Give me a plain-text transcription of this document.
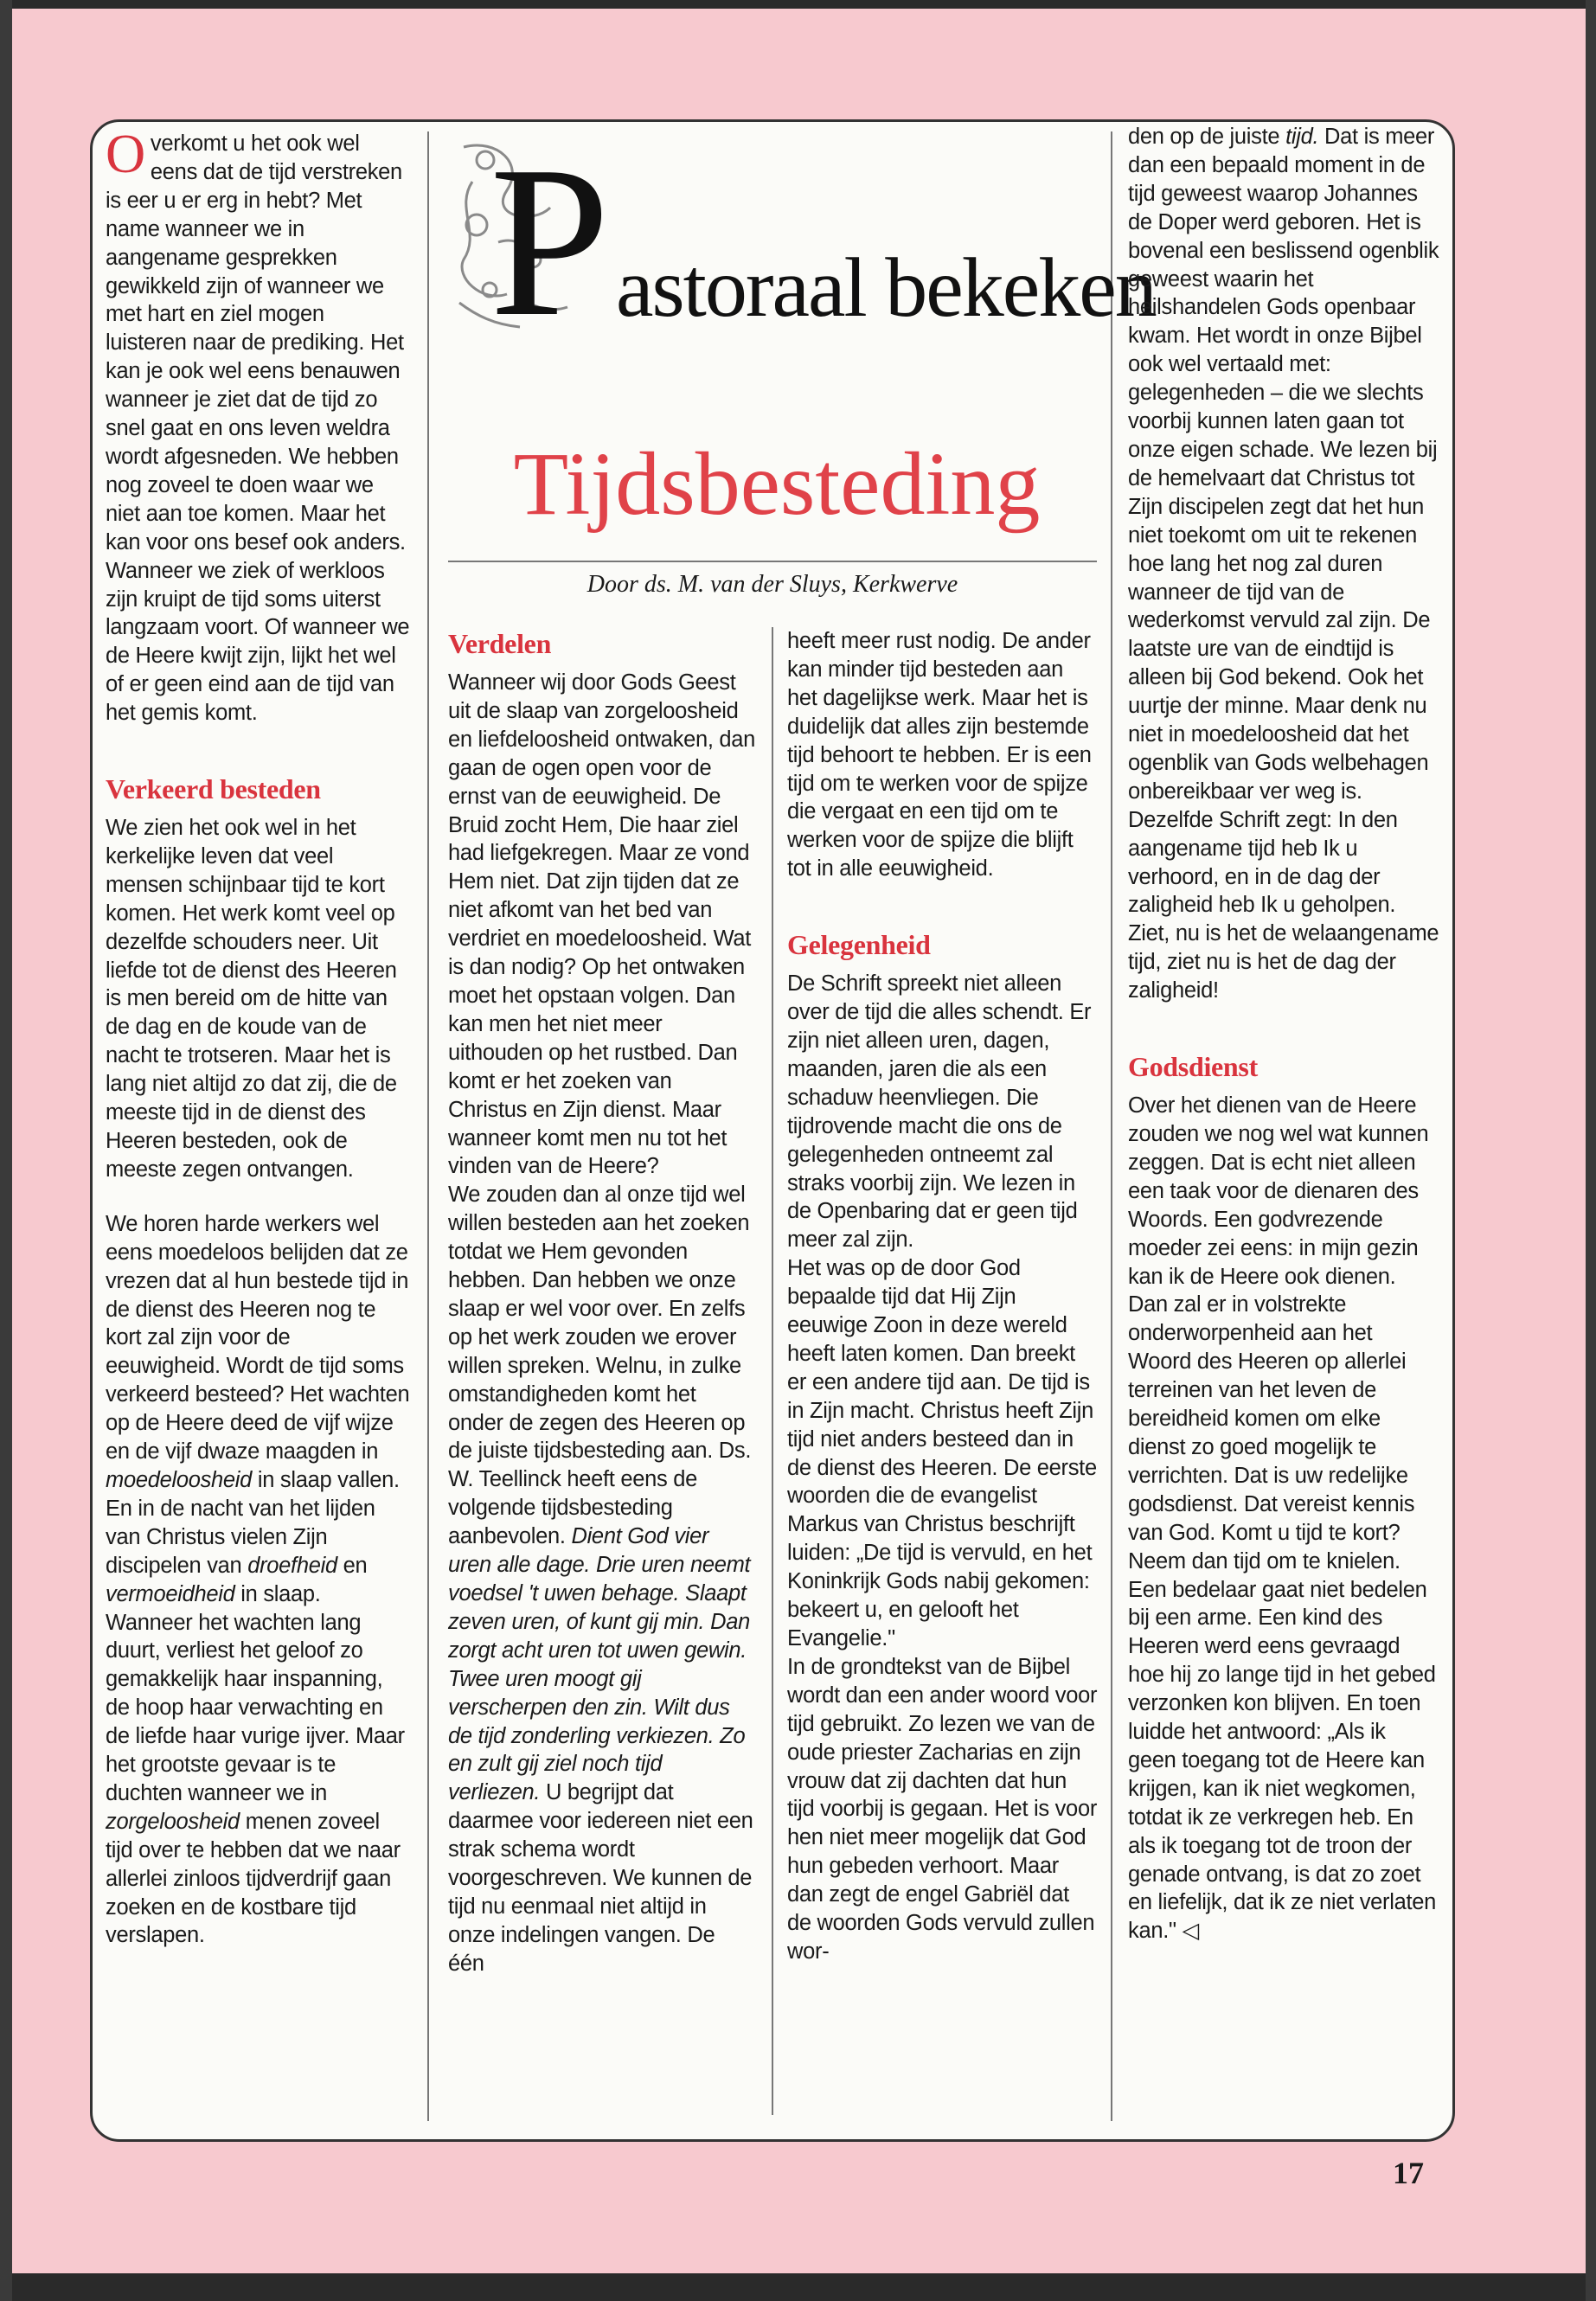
P astoraal bekeken
Tijdsbesteding
Door ds. M. van der Sluys, Kerkwerve

Overkomt u het ook wel eens dat de tijd verstreken is eer u er erg in hebt? Met name wanneer we in aangename gesprekken gewikkeld zijn of wanneer we met hart en ziel mogen luisteren naar de prediking. Het kan je ook wel eens benauwen wanneer je ziet dat de tijd zo snel gaat en ons leven weldra wordt afgesneden. We hebben nog zoveel te doen waar we niet aan toe komen. Maar het kan voor ons besef ook anders. Wanneer we ziek of werkloos zijn kruipt de tijd soms uiterst langzaam voort. Of wanneer we de Heere kwijt zijn, lijkt het wel of er geen eind aan de tijd van het gemis komt.

Verkeerd besteden

We zien het ook wel in het kerkelijke leven dat veel mensen schijnbaar tijd te kort komen. Het werk komt veel op dezelfde schouders neer. Uit liefde tot de dienst des Heeren is men bereid om de hitte van de dag en de koude van de nacht te trotseren. Maar het is lang niet altijd zo dat zij, die de meeste tijd in de dienst des Heeren besteden, ook de meeste zegen ontvangen.

We horen harde werkers wel eens moedeloos belijden dat ze vrezen dat al hun bestede tijd in de dienst des Heeren nog te kort zal zijn voor de eeuwigheid. Wordt de tijd soms verkeerd besteed? Het wachten op de Heere deed de vijf wijze en de vijf dwaze maagden in moedeloosheid in slaap vallen. En in de nacht van het lijden van Christus vielen Zijn discipelen van droefheid en vermoeidheid in slaap. Wanneer het wachten lang duurt, verliest het geloof zo gemakkelijk haar inspanning, de hoop haar verwachting en de liefde haar vurige ijver. Maar het grootste gevaar is te duchten wanneer we in zorgeloosheid menen zoveel tijd over te hebben dat we naar allerlei zinloos tijdverdrijf gaan zoeken en de kostbare tijd verslapen.

Verdelen

Wanneer wij door Gods Geest uit de slaap van zorgeloosheid en liefdeloosheid ontwaken, dan gaan de ogen open voor de ernst van de eeuwigheid. De Bruid zocht Hem, Die haar ziel had liefgekregen. Maar ze vond Hem niet. Dat zijn tijden dat ze niet afkomt van het bed van verdriet en moedeloosheid. Wat is dan nodig? Op het ontwaken moet het opstaan volgen. Dan kan men het niet meer uithouden op het rustbed. Dan komt er het zoeken van Christus en Zijn dienst. Maar wanneer komt men nu tot het vinden van de Heere?

We zouden dan al onze tijd wel willen besteden aan het zoeken totdat we Hem gevonden hebben. Dan hebben we onze slaap er wel voor over. En zelfs op het werk zouden we erover willen spreken. Welnu, in zulke omstandigheden komt het onder de zegen des Heeren op de juiste tijdsbesteding aan. Ds. W. Teellinck heeft eens de volgende tijdsbesteding aanbevolen. Dient God vier uren alle dage. Drie uren neemt voedsel 't uwen behage. Slaapt zeven uren, of kunt gij min. Dan zorgt acht uren tot uwen gewin. Twee uren moogt gij verscherpen den zin. Wilt dus de tijd zonderling verkiezen. Zo en zult gij ziel noch tijd verliezen. U begrijpt dat daarmee voor iedereen niet een strak schema wordt voorgeschreven. We kunnen de tijd nu eenmaal niet altijd in onze indelingen vangen. De één

heeft meer rust nodig. De ander kan minder tijd besteden aan het dagelijkse werk. Maar het is duidelijk dat alles zijn bestemde tijd behoort te hebben. Er is een tijd om te werken voor de spijze die vergaat en een tijd om te werken voor de spijze die blijft tot in alle eeuwigheid.

Gelegenheid

De Schrift spreekt niet alleen over de tijd die alles schendt. Er zijn niet alleen uren, dagen, maanden, jaren die als een schaduw heenvliegen. Die tijdrovende macht die ons de gelegenheden ontneemt zal straks voorbij zijn. We lezen in de Openbaring dat er geen tijd meer zal zijn.

Het was op de door God bepaalde tijd dat Hij Zijn eeuwige Zoon in deze wereld heeft laten komen. Dan breekt er een andere tijd aan. De tijd is in Zijn macht. Christus heeft Zijn tijd niet anders besteed dan in de dienst des Heeren. De eerste woorden die de evangelist Markus van Christus beschrijft luiden: „De tijd is vervuld, en het Koninkrijk Gods nabij gekomen: bekeert u, en gelooft het Evangelie."

In de grondtekst van de Bijbel wordt dan een ander woord voor tijd gebruikt. Zo lezen we van de oude priester Zacharias en zijn vrouw dat zij dachten dat hun tijd voorbij is gegaan. Het is voor hen niet meer mogelijk dat God hun gebeden verhoort. Maar dan zegt de engel Gabriël dat de woorden Gods vervuld zullen wor-

den op de juiste tijd. Dat is meer dan een bepaald moment in de tijd geweest waarop Johannes de Doper werd geboren. Het is bovenal een beslissend ogenblik geweest waarin het heilshandelen Gods openbaar kwam. Het wordt in onze Bijbel ook wel vertaald met: gelegenheden – die we slechts voorbij kunnen laten gaan tot onze eigen schade. We lezen bij de hemelvaart dat Christus tot Zijn discipelen zegt dat het hun niet toekomt om uit te rekenen hoe lang het nog zal duren wanneer de tijd van de wederkomst vervuld zal zijn. De laatste ure van de eindtijd is alleen bij God bekend. Ook het uurtje der minne. Maar denk nu niet in moedeloosheid dat het ogenblik van Gods welbehagen onbereikbaar ver weg is. Dezelfde Schrift zegt: In den aangename tijd heb Ik u verhoord, en in de dag der zaligheid heb Ik u geholpen. Ziet, nu is het de welaangename tijd, ziet nu is het de dag der zaligheid!

Godsdienst

Over het dienen van de Heere zouden we nog wel wat kunnen zeggen. Dat is echt niet alleen een taak voor de dienaren des Woords. Een godvrezende moeder zei eens: in mijn gezin kan ik de Heere ook dienen. Dan zal er in volstrekte onderworpenheid aan het Woord des Heeren op allerlei terreinen van het leven de bereidheid komen om elke dienst zo goed mogelijk te verrichten. Dat is uw redelijke godsdienst. Dat vereist kennis van God. Komt u tijd te kort? Neem dan tijd om te knielen. Een bedelaar gaat niet bedelen bij een arme. Een kind des Heeren werd eens gevraagd hoe hij zo lange tijd in het gebed verzonken kon blijven. En toen luidde het antwoord: „Als ik geen toegang tot de Heere kan krijgen, kan ik niet wegkomen, totdat ik ze verkregen heb. En als ik toegang tot de troon der genade ontvang, is dat zo zoet en liefelijk, dat ik ze niet verlaten kan." ◁

17
